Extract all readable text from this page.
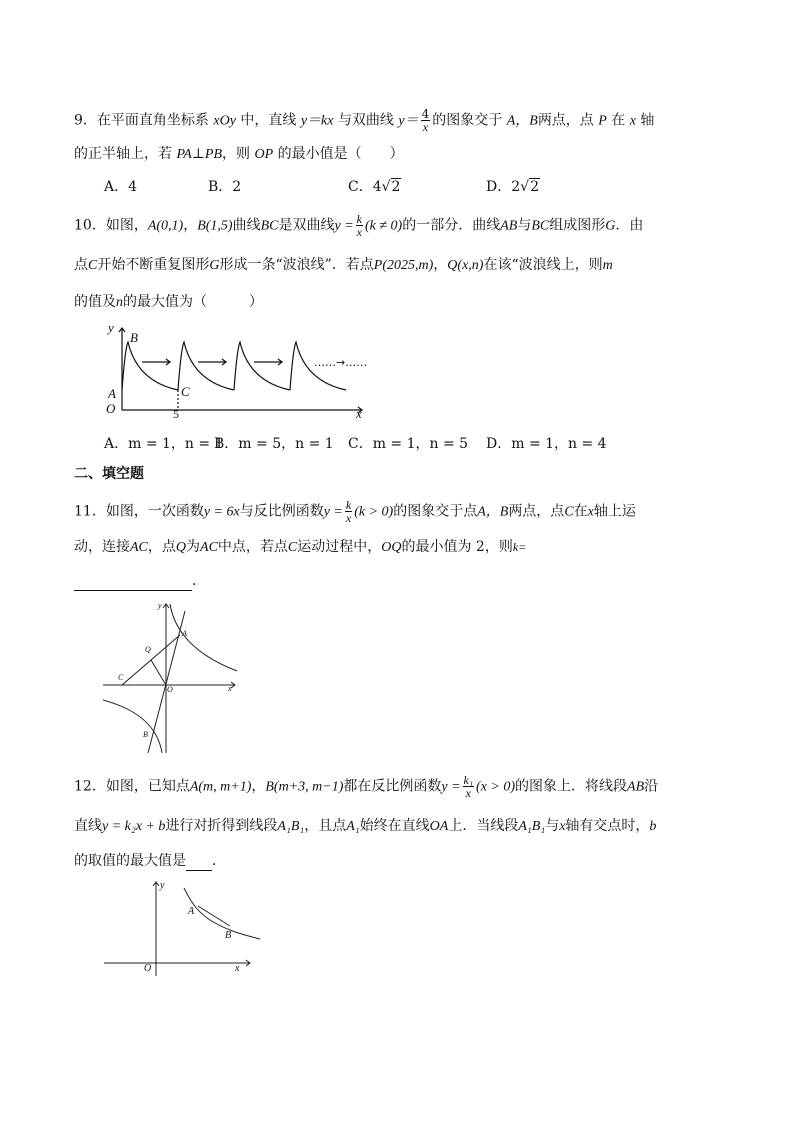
9．在平面直角坐标系 xOy 中，直线 y＝kx 与双曲线 $y= \frac{4}{x}$ 的图象交于 A，B两点，点 P 在 x 轴
的正半轴上，若 PA⊥PB，则 OP 的最小值是（　　）
A．4	B．2	C．4√2	D．2√2
10．如图，A(0,1)，B(1,5)曲线BC是双曲线$y = \frac{k}{x} (k \ne 0)$的一部分．曲线AB与BC组成图形G．由
点C开始不断重复图形G形成一条“波浪线”．若点P(2025,m)，Q(x,n)在该“波浪线上，则m
的值及n的最大值为（　　　）
y
B
A	C
O	x
5
……→……
A．m = 1，n = 1
B．m = 5，n = 1 C．m = 1，n = 5 D．m = 1，n = 4
二、填空题
11．如图，一次函数y = 6x与反比例函数$y = \frac{k}{x} (k > 0)$的图象交于点A，B两点，点C在x轴上运
动，连接AC，点Q为AC中点，若点C运动过程中，OQ的最小值为 2，则k=
．
y
A
Q
C
O	x
B
12．如图，已知点A(m, m+1)，B(m+3, m−1)都在反比例函数$y = \frac{\text{k₁}}{x} (x > 0)$的图象上．将线段AB沿
直线y = k₂x + b进行对折得到线段A₁B₁，且点A₁始终在直线OA上．当线段A₁B₁与x轴有交点时，b
的取值的最大值是 ．
y
A
B
O	x
